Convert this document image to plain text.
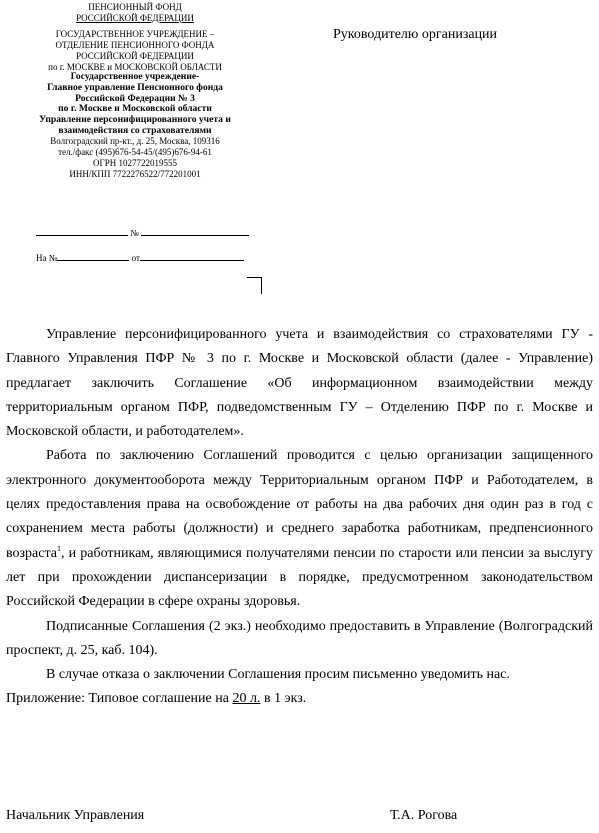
ПЕНСИОННЫЙ ФОНД
РОССИЙСКОЙ ФЕДЕРАЦИИ
ГОСУДАРСТВЕННОЕ УЧРЕЖДЕНИЕ –
ОТДЕЛЕНИЕ ПЕНСИОННОГО ФОНДА
РОССИЙСКОЙ ФЕДЕРАЦИИ
по г. МОСКВЕ и МОСКОВСКОЙ ОБЛАСТИ
Государственное учреждение-
Главное управление Пенсионного фонда
Российской Федерации № 3
по г. Москве и Московской области
Управление персонифицированного учета и
взаимодействия со страхователями
Волгоградский пр-кт., д. 25, Москва, 109316
тел./факс (495)676-54-45/(495)676-94-61
ОГРН 1027722019555
ИНН/КПП 7722276522/772201001
№
На №	от
Руководителю организации

Управление персонифицированного учета и взаимодействия со страхователями ГУ - Главного Управления ПФР № 3 по г. Москве и Московской области (далее - Управление) предлагает заключить Соглашение «Об информационном взаимодействии между территориальным органом ПФР, подведомственным ГУ – Отделению ПФР по г. Москве и Московской области, и работодателем».

Работа по заключению Соглашений проводится с целью организации защищенного электронного документооборота между Территориальным органом ПФР и Работодателем, в целях предоставления права на освобождение от работы на два рабочих дня один раз в год с сохранением места работы (должности) и среднего заработка работникам, предпенсионного возраста$^1$, и работникам, являющимися получателями пенсии по старости или пенсии за выслугу лет при прохождении диспансеризации в порядке, предусмотренном законодательством Российской Федерации в сфере охраны здоровья.

Подписанные Соглашения (2 экз.) необходимо предоставить в Управление (Волгоградский проспект, д. 25, каб. 104).

В случае отказа о заключении Соглашения просим письменно уведомить нас.

Приложение: Типовое соглашение на 20 л. в 1 экз.

Начальник Управления	Т.А. Рогова
